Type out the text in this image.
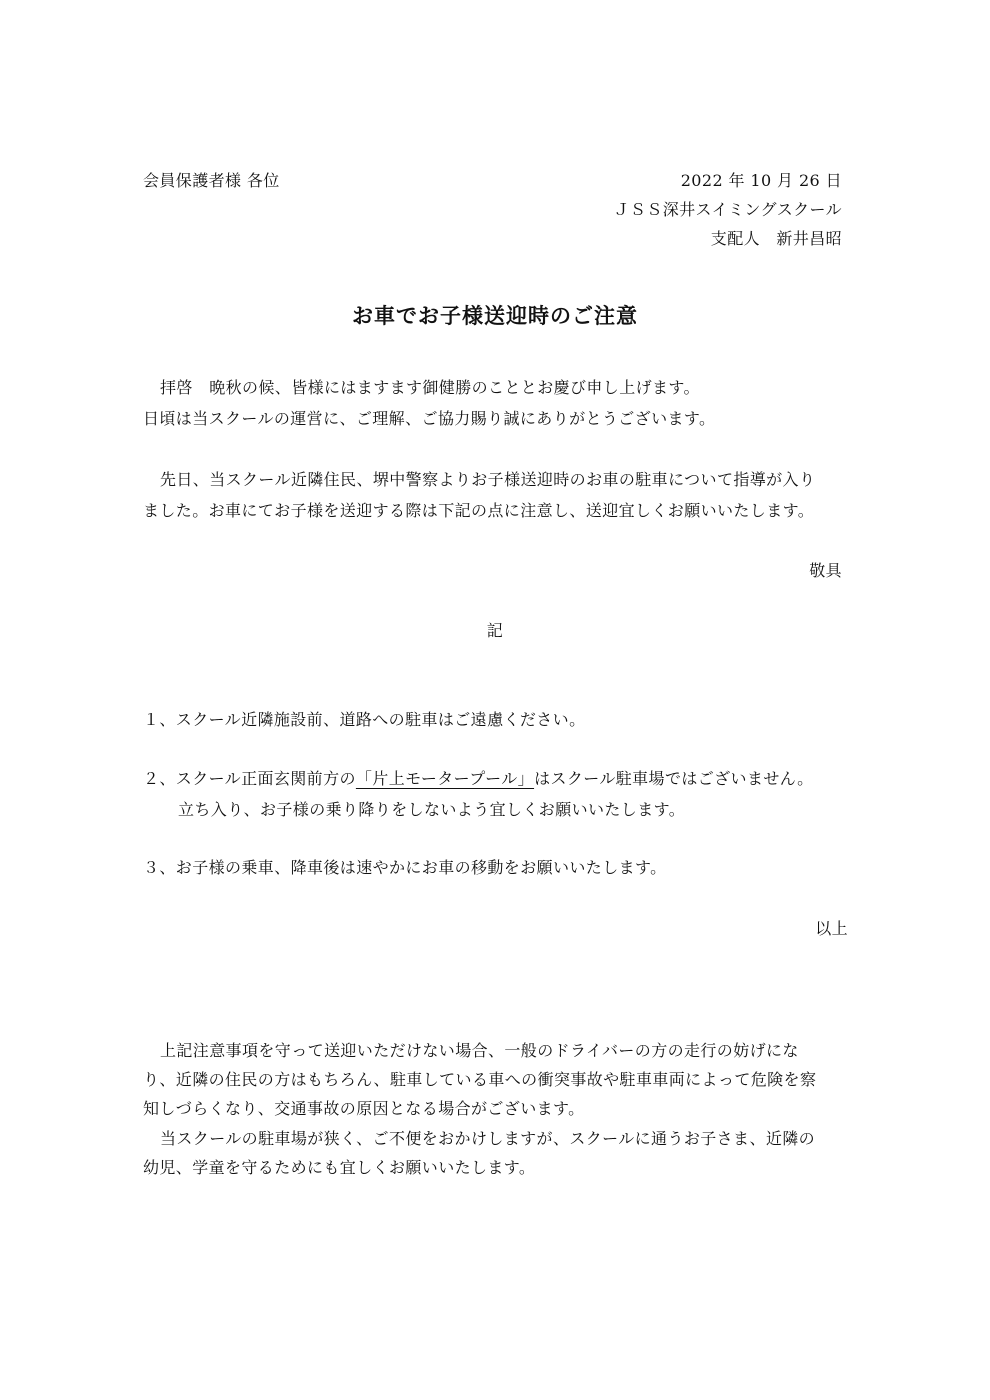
会員保護者様 各位	2022 年 10 月 26 日

ＪＳＳ深井スイミングスクール

支配人　新井昌昭

お車でお子様送迎時のご注意

拝啓　晩秋の候、皆様にはますます御健勝のこととお慶び申し上げます。

日頃は当スクールの運営に、ご理解、ご協力賜り誠にありがとうございます。

先日、当スクール近隣住民、堺中警察よりお子様送迎時のお車の駐車について指導が入り

ました。お車にてお子様を送迎する際は下記の点に注意し、送迎宜しくお願いいたします。

敬具

記

１、スクール近隣施設前、道路への駐車はご遠慮ください。

２、スクール正面玄関前方の「片上モータープール」はスクール駐車場ではございません。

立ち入り、お子様の乗り降りをしないよう宜しくお願いいたします。

３、お子様の乗車、降車後は速やかにお車の移動をお願いいたします。

以上

上記注意事項を守って送迎いただけない場合、一般のドライバーの方の走行の妨げにな

り、近隣の住民の方はもちろん、駐車している車への衝突事故や駐車車両によって危険を察

知しづらくなり、交通事故の原因となる場合がございます。

当スクールの駐車場が狭く、ご不便をおかけしますが、スクールに通うお子さま、近隣の

幼児、学童を守るためにも宜しくお願いいたします。
